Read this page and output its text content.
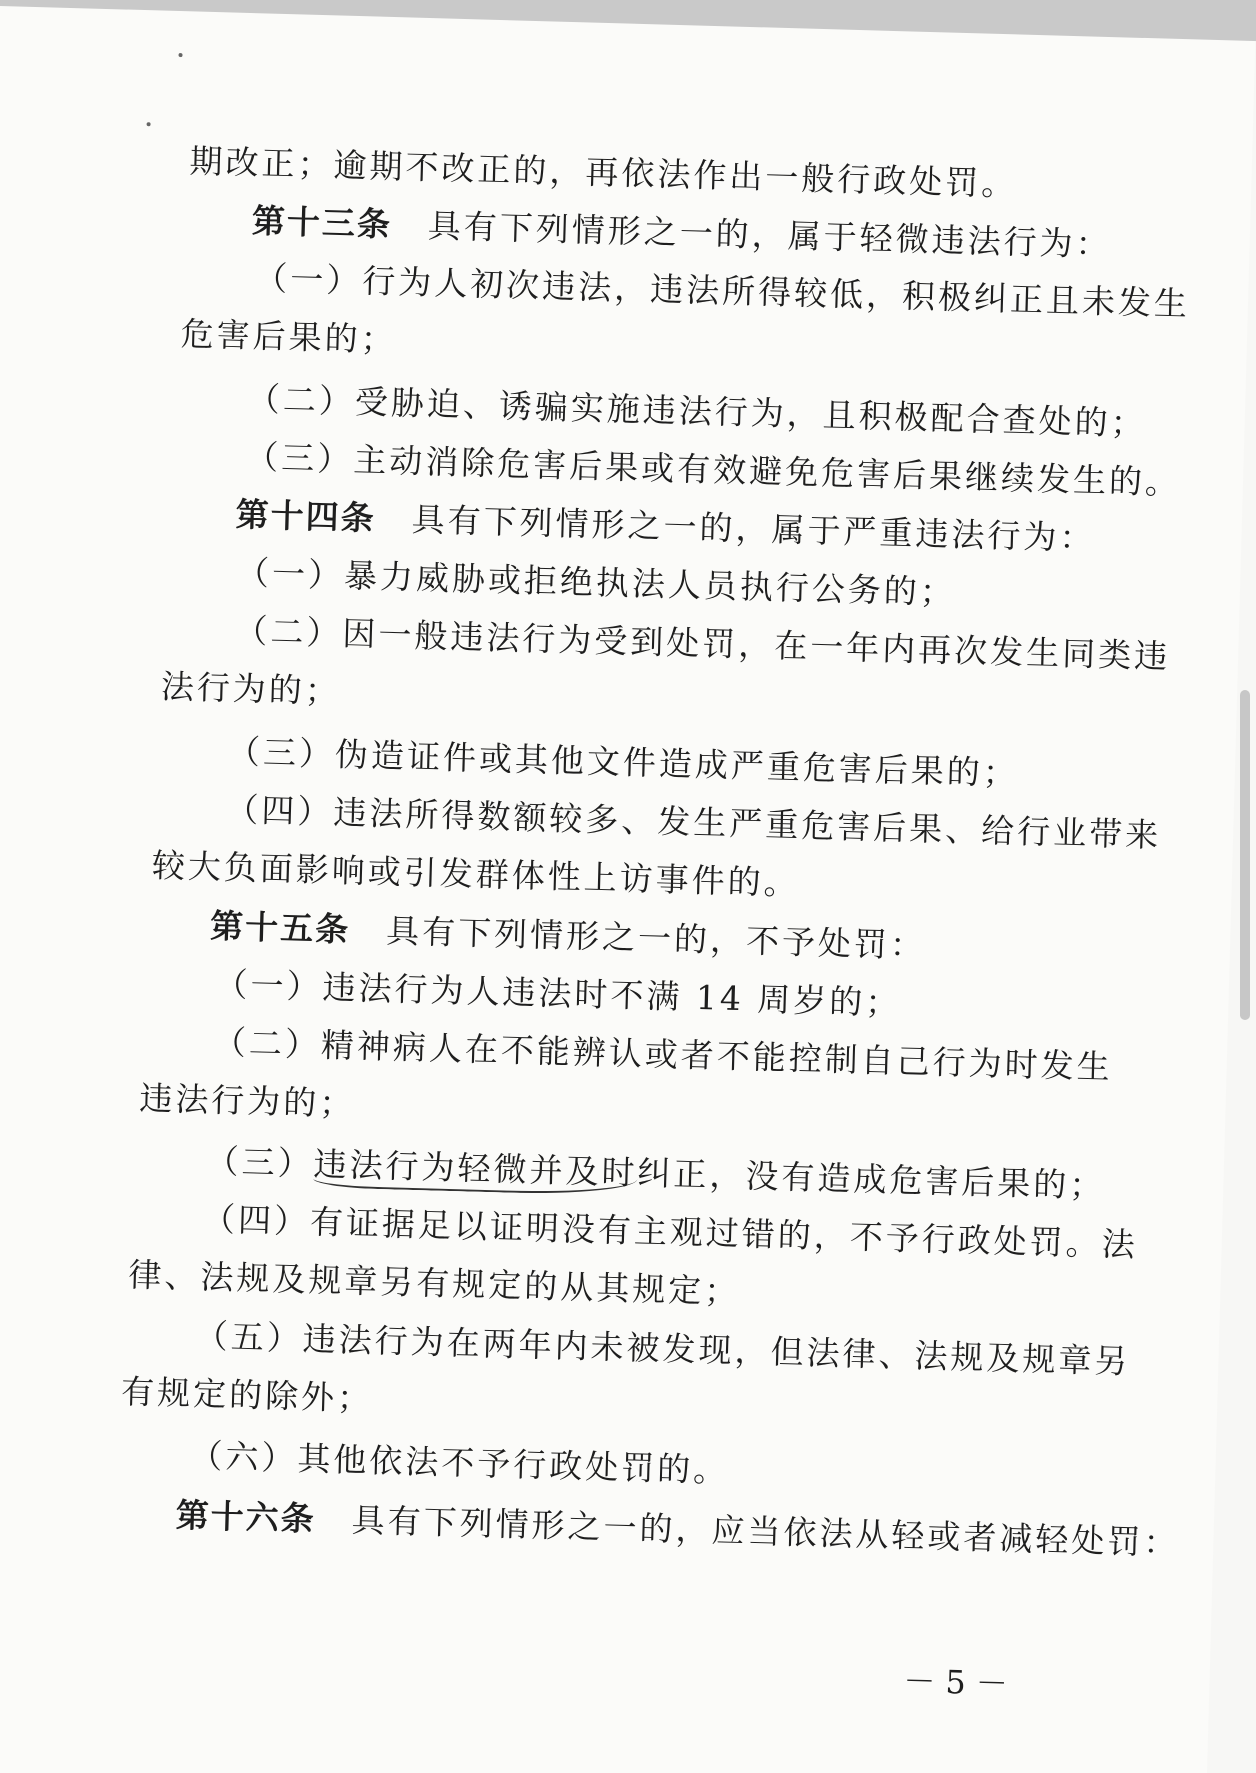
期改正；逾期不改正的，再依法作出一般行政处罚。
第十三条 具有下列情形之一的，属于轻微违法行为：
（一）行为人初次违法，违法所得较低，积极纠正且未发生
危害后果的；
（二）受胁迫、诱骗实施违法行为，且积极配合查处的；
（三）主动消除危害后果或有效避免危害后果继续发生的。
第十四条 具有下列情形之一的，属于严重违法行为：
（一）暴力威胁或拒绝执法人员执行公务的；
（二）因一般违法行为受到处罚，在一年内再次发生同类违
法行为的；
（三）伪造证件或其他文件造成严重危害后果的；
（四）违法所得数额较多、发生严重危害后果、给行业带来
较大负面影响或引发群体性上访事件的。
第十五条 具有下列情形之一的，不予处罚：
（一）违法行为人违法时不满 14 周岁的；
（二）精神病人在不能辨认或者不能控制自己行为时发生
违法行为的；
（三）违法行为轻微并及时纠正，没有造成危害后果的；
（四）有证据足以证明没有主观过错的，不予行政处罚。法
律、法规及规章另有规定的从其规定；
（五）违法行为在两年内未被发现，但法律、法规及规章另
有规定的除外；
（六）其他依法不予行政处罚的。
第十六条 具有下列情形之一的，应当依法从轻或者减轻处罚：
－5－
